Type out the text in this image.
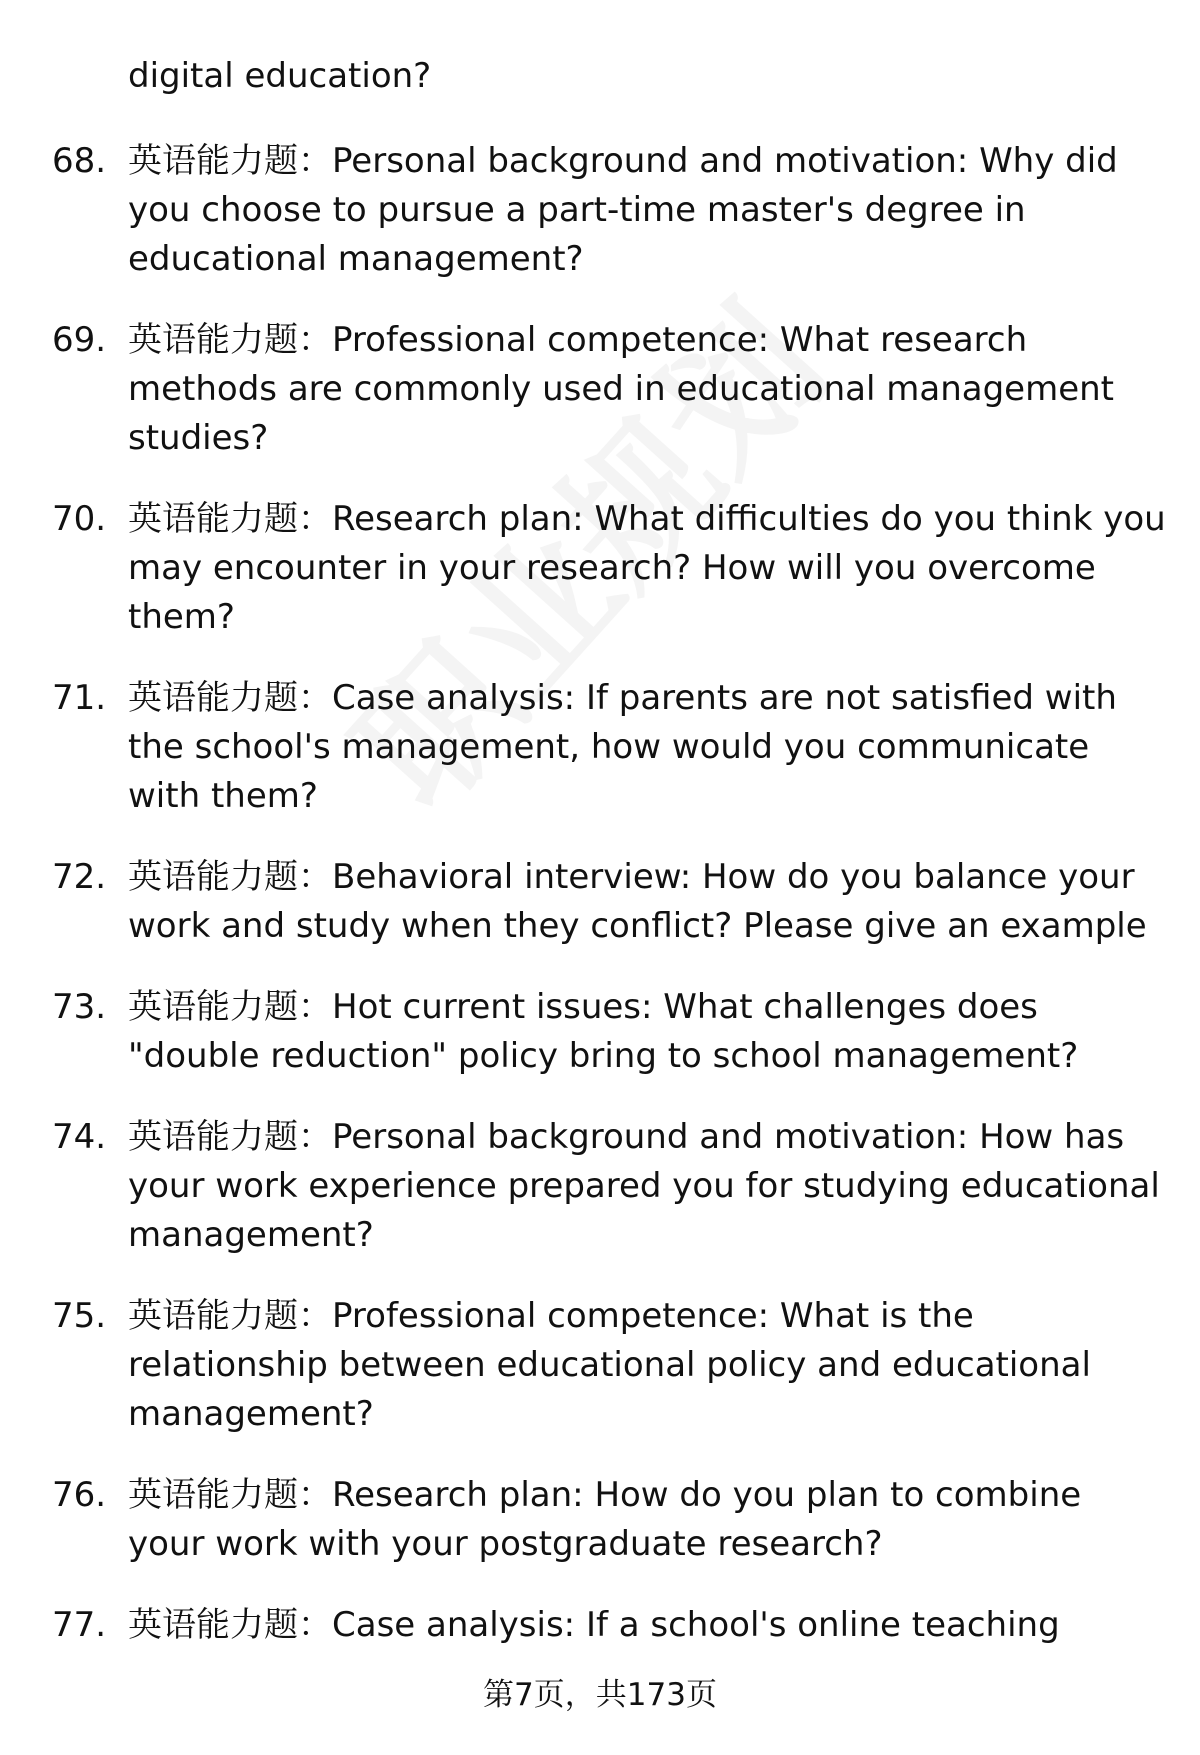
digital education?
68. 英语能力题：Personal background and motivation: Why did you choose to pursue a part-time master's degree in educational management?
69. 英语能力题：Professional competence: What research methods are commonly used in educational management studies?
70. 英语能力题：Research plan: What difficulties do you think you may encounter in your research? How will you overcome them?
71. 英语能力题：Case analysis: If parents are not satisfied with the school's management, how would you communicate with them?
72. 英语能力题：Behavioral interview: How do you balance your work and study when they conflict? Please give an example
73. 英语能力题：Hot current issues: What challenges does "double reduction" policy bring to school management?
74. 英语能力题：Personal background and motivation: How has your work experience prepared you for studying educational management?
75. 英语能力题：Professional competence: What is the relationship between educational policy and educational management?
76. 英语能力题：Research plan: How do you plan to combine your work with your postgraduate research?
77. 英语能力题：Case analysis: If a school's online teaching
第7页，共173页
